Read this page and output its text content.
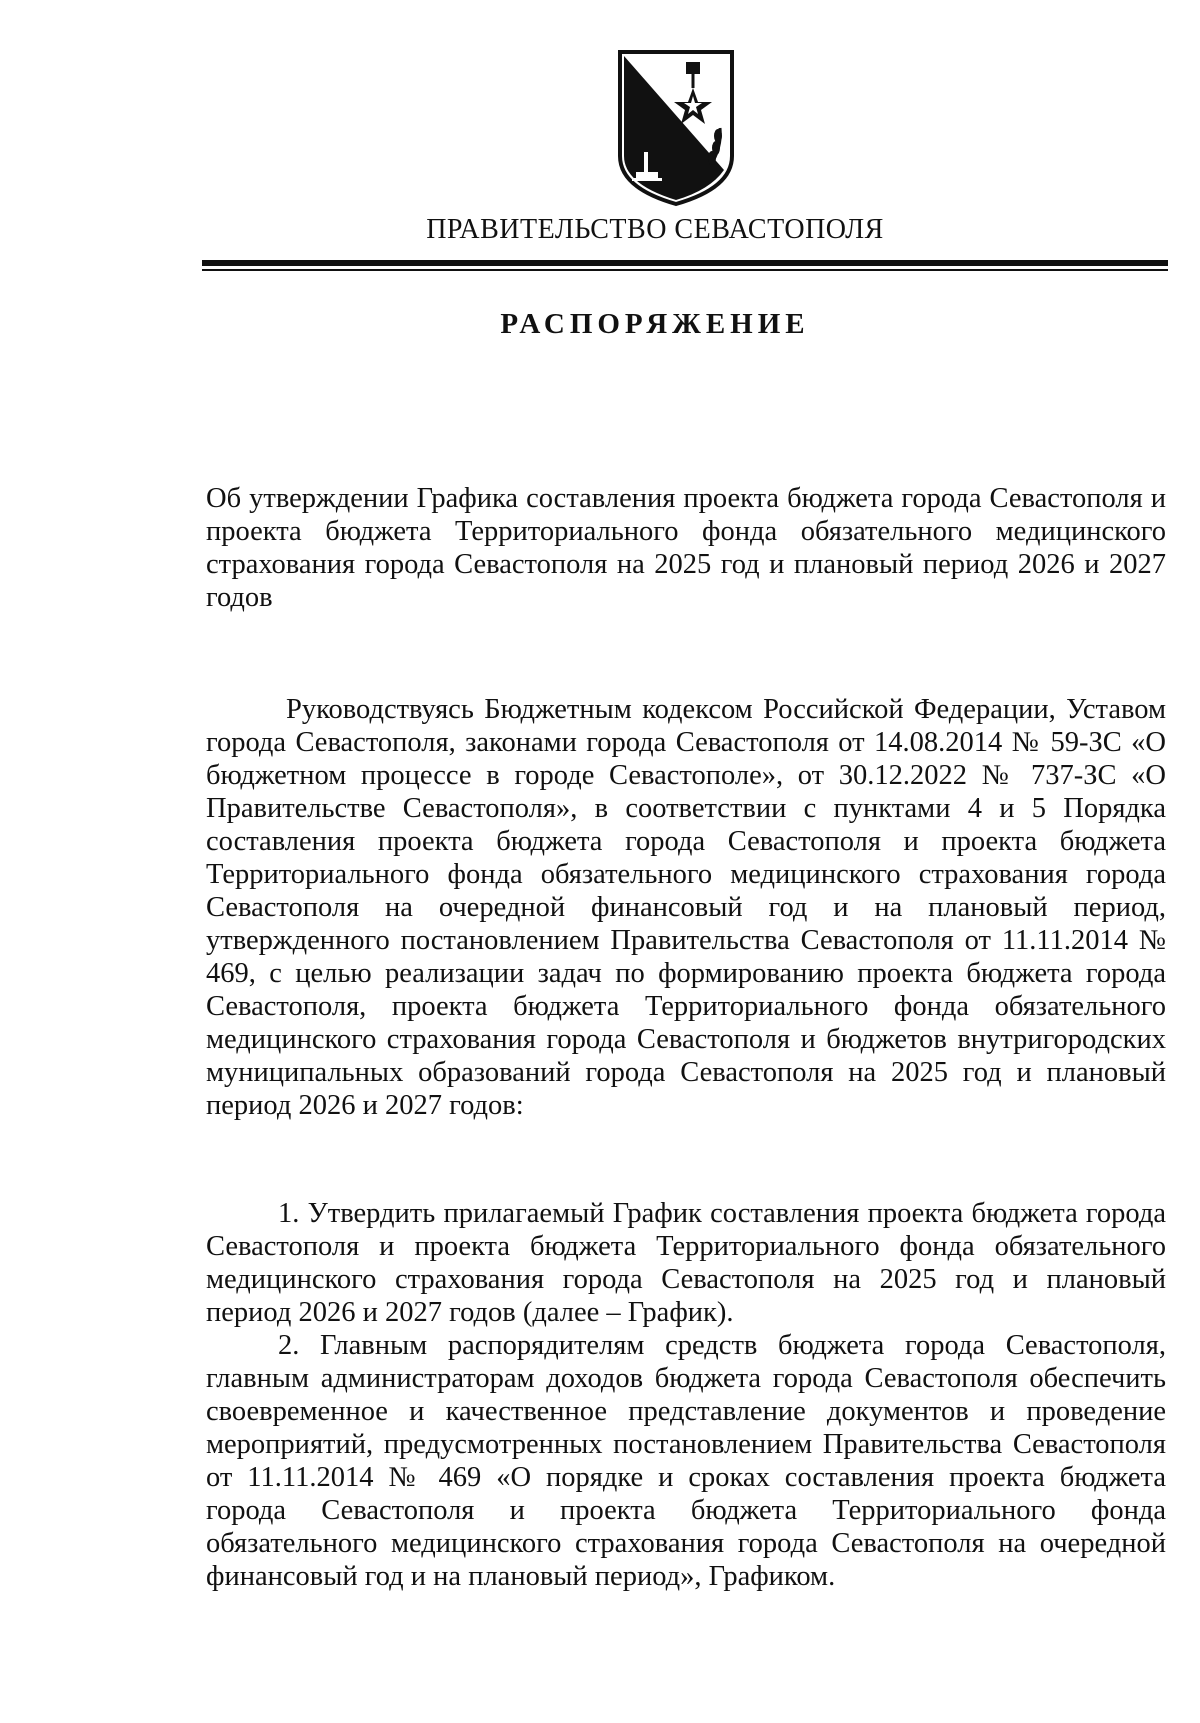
ПРАВИТЕЛЬСТВО СЕВАСТОПОЛЯ
РАСПОРЯЖЕНИЕ
Об утверждении Графика составления проекта бюджета города Севастополя и проекта бюджета Территориального фонда обязательного медицинского страхования города Севастополя на 2025 год и плановый период 2026 и 2027 годов

Руководствуясь Бюджетным кодексом Российской Федерации, Уставом города Севастополя, законами города Севастополя от 14.08.2014 № 59-ЗС «О бюджетном процессе в городе Севастополе», от 30.12.2022 № 737-ЗС «О Правительстве Севастополя», в соответствии с пунктами 4 и 5 Порядка составления проекта бюджета города Севастополя и проекта бюджета Территориального фонда обязательного медицинского страхования города Севастополя на очередной финансовый год и на плановый период, утвержденного постановлением Правительства Севастополя от 11.11.2014 № 469, с целью реализации задач по формированию проекта бюджета города Севастополя, проекта бюджета Территориального фонда обязательного медицинского страхования города Севастополя и бюджетов внутригородских муниципальных образований города Севастополя на 2025 год и плановый период 2026 и 2027 годов:

1. Утвердить прилагаемый График составления проекта бюджета города Севастополя и проекта бюджета Территориального фонда обязательного медицинского страхования города Севастополя на 2025 год и плановый период 2026 и 2027 годов (далее – График).

2. Главным распорядителям средств бюджета города Севастополя, главным администраторам доходов бюджета города Севастополя обеспечить своевременное и качественное представление документов и проведение мероприятий, предусмотренных постановлением Правительства Севастополя от 11.11.2014 № 469 «О порядке и сроках составления проекта бюджета города Севастополя и проекта бюджета Территориального фонда обязательного медицинского страхования города Севастополя на очередной финансовый год и на плановый период», Графиком.
